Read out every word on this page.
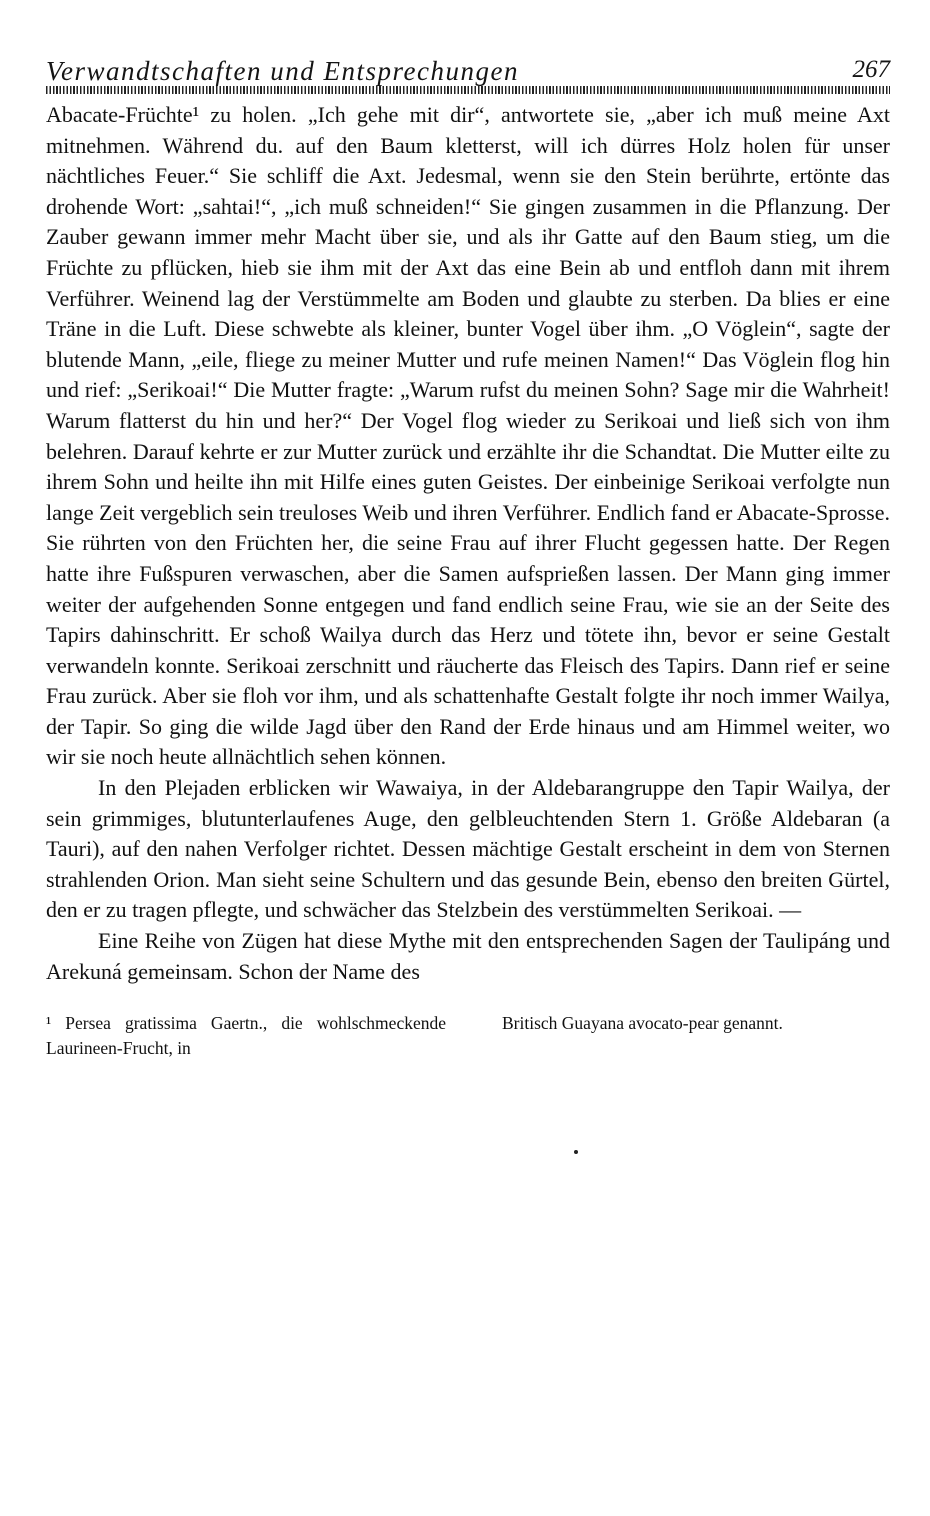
Verwandtschaften und Entsprechungen	267

Abacate-Früchte¹ zu holen. „Ich gehe mit dir“, antwortete sie, „aber ich muß meine Axt mitnehmen. Während du. auf den Baum kletterst, will ich dürres Holz holen für unser nächtliches Feuer.“ Sie schliff die Axt. Jedesmal, wenn sie den Stein berührte, ertönte das drohende Wort: „sahtai!“, „ich muß schneiden!“ Sie gingen zusammen in die Pflanzung. Der Zauber gewann immer mehr Macht über sie, und als ihr Gatte auf den Baum stieg, um die Früchte zu pflücken, hieb sie ihm mit der Axt das eine Bein ab und entfloh dann mit ihrem Verführer. Weinend lag der Verstümmelte am Boden und glaubte zu sterben. Da blies er eine Träne in die Luft. Diese schwebte als kleiner, bunter Vogel über ihm. „O Vöglein“, sagte der blutende Mann, „eile, fliege zu meiner Mutter und rufe meinen Namen!“ Das Vöglein flog hin und rief: „Serikoai!“ Die Mutter fragte: „Warum rufst du meinen Sohn? Sage mir die Wahrheit! Warum flatterst du hin und her?“ Der Vogel flog wieder zu Serikoai und ließ sich von ihm belehren. Darauf kehrte er zur Mutter zurück und erzählte ihr die Schandtat. Die Mutter eilte zu ihrem Sohn und heilte ihn mit Hilfe eines guten Geistes. Der einbeinige Serikoai verfolgte nun lange Zeit vergeblich sein treuloses Weib und ihren Verführer. Endlich fand er Abacate-Sprosse. Sie rührten von den Früchten her, die seine Frau auf ihrer Flucht gegessen hatte. Der Regen hatte ihre Fußspuren verwaschen, aber die Samen aufsprießen lassen. Der Mann ging immer weiter der aufgehenden Sonne entgegen und fand endlich seine Frau, wie sie an der Seite des Tapirs dahinschritt. Er schoß Wailya durch das Herz und tötete ihn, bevor er seine Gestalt verwandeln konnte. Serikoai zerschnitt und räucherte das Fleisch des Tapirs. Dann rief er seine Frau zurück. Aber sie floh vor ihm, und als schattenhafte Gestalt folgte ihr noch immer Wailya, der Tapir. So ging die wilde Jagd über den Rand der Erde hinaus und am Himmel weiter, wo wir sie noch heute allnächtlich sehen können.

In den Plejaden erblicken wir Wawaiya, in der Aldebarangruppe den Tapir Wailya, der sein grimmiges, blutunterlaufenes Auge, den gelbleuchtenden Stern 1. Größe Aldebaran (a Tauri), auf den nahen Verfolger richtet. Dessen mächtige Gestalt erscheint in dem von Sternen strahlenden Orion. Man sieht seine Schultern und das gesunde Bein, ebenso den breiten Gürtel, den er zu tragen pflegte, und schwächer das Stelzbein des verstümmelten Serikoai. —

Eine Reihe von Zügen hat diese Mythe mit den entsprechenden Sagen der Taulipáng und Arekuná gemeinsam. Schon der Name des

¹ Persea gratissima Gaertn., die wohlschmeckende Laurineen-Frucht, in
Britisch Guayana avocato-pear genannt.
